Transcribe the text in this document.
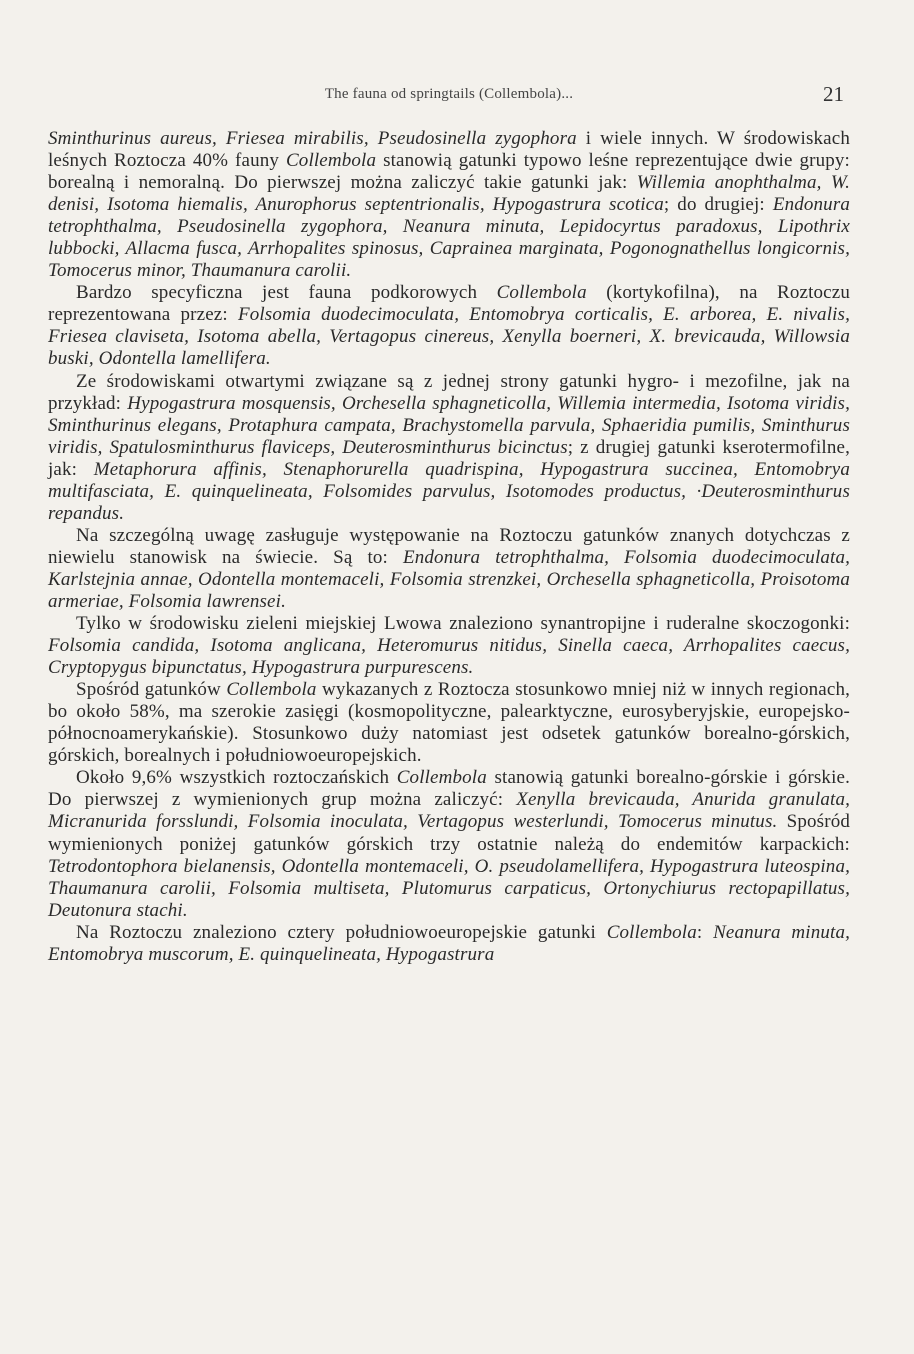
The fauna od springtails (Collembola)...	21

Sminthurinus aureus, Friesea mirabilis, Pseudosinella zygophora i wiele innych. W środowiskach leśnych Roztocza 40% fauny Collembola stanowią gatunki typowo leśne reprezentujące dwie grupy: borealną i nemoralną. Do pierwszej można zaliczyć takie gatunki jak: Willemia anophthalma, W. denisi, Isotoma hiemalis, Anurophorus septentrionalis, Hypogastrura scotica; do drugiej: Endonura tetrophthalma, Pseudosinella zygophora, Neanura minuta, Lepidocyrtus paradoxus, Lipothrix lubbocki, Allacma fusca, Arrhopalites spinosus, Caprainea marginata, Pogonognathellus longicornis, Tomocerus minor, Thaumanura carolii.

Bardzo specyficzna jest fauna podkorowych Collembola (kortykofilna), na Roztoczu reprezentowana przez: Folsomia duodecimoculata, Entomobrya corticalis, E. arborea, E. nivalis, Friesea claviseta, Isotoma abella, Vertagopus cinereus, Xenylla boerneri, X. brevicauda, Willowsia buski, Odontella lamellifera.

Ze środowiskami otwartymi związane są z jednej strony gatunki hygro- i mezofilne, jak na przykład: Hypogastrura mosquensis, Orchesella sphagneticolla, Willemia intermedia, Isotoma viridis, Sminthurinus elegans, Protaphura campata, Brachystomella parvula, Sphaeridia pumilis, Sminthurus viridis, Spatulosminthurus flaviceps, Deuterosminthurus bicinctus; z drugiej gatunki kserotermofilne, jak: Metaphorura affinis, Stenaphorurella quadrispina, Hypogastrura succinea, Entomobrya multifasciata, E. quinquelineata, Folsomides parvulus, Isotomodes productus, ·Deuterosminthurus repandus.

Na szczególną uwagę zasługuje występowanie na Roztoczu gatunków znanych dotychczas z niewielu stanowisk na świecie. Są to: Endonura tetrophthalma, Folsomia duodecimoculata, Karlstejnia annae, Odontella montemaceli, Folsomia strenzkei, Orchesella sphagneticolla, Proisotoma armeriae, Folsomia lawrensei.

Tylko w środowisku zieleni miejskiej Lwowa znaleziono synantropijne i ruderalne skoczogonki: Folsomia candida, Isotoma anglicana, Heteromurus nitidus, Sinella caeca, Arrhopalites caecus, Cryptopygus bipunctatus, Hypogastrura purpurescens.

Spośród gatunków Collembola wykazanych z Roztocza stosunkowo mniej niż w innych regionach, bo około 58%, ma szerokie zasięgi (kosmopolityczne, palearktyczne, eurosyberyjskie, europejsko-północnoamerykańskie). Stosunkowo duży natomiast jest odsetek gatunków borealno-górskich, górskich, borealnych i południowoeuropejskich.

Około 9,6% wszystkich roztoczańskich Collembola stanowią gatunki borealno-górskie i górskie. Do pierwszej z wymienionych grup można zaliczyć: Xenylla brevicauda, Anurida granulata, Micranurida forsslundi, Folsomia inoculata, Vertagopus westerlundi, Tomocerus minutus. Spośród wymienionych poniżej gatunków górskich trzy ostatnie należą do endemitów karpackich: Tetrodontophora bielanensis, Odontella montemaceli, O. pseudolamellifera, Hypogastrura luteospina, Thaumanura carolii, Folsomia multiseta, Plutomurus carpaticus, Ortonychiurus rectopapillatus, Deutonura stachi.

Na Roztoczu znaleziono cztery południowoeuropejskie gatunki Collembola: Neanura minuta, Entomobrya muscorum, E. quinquelineata, Hypogastrura
